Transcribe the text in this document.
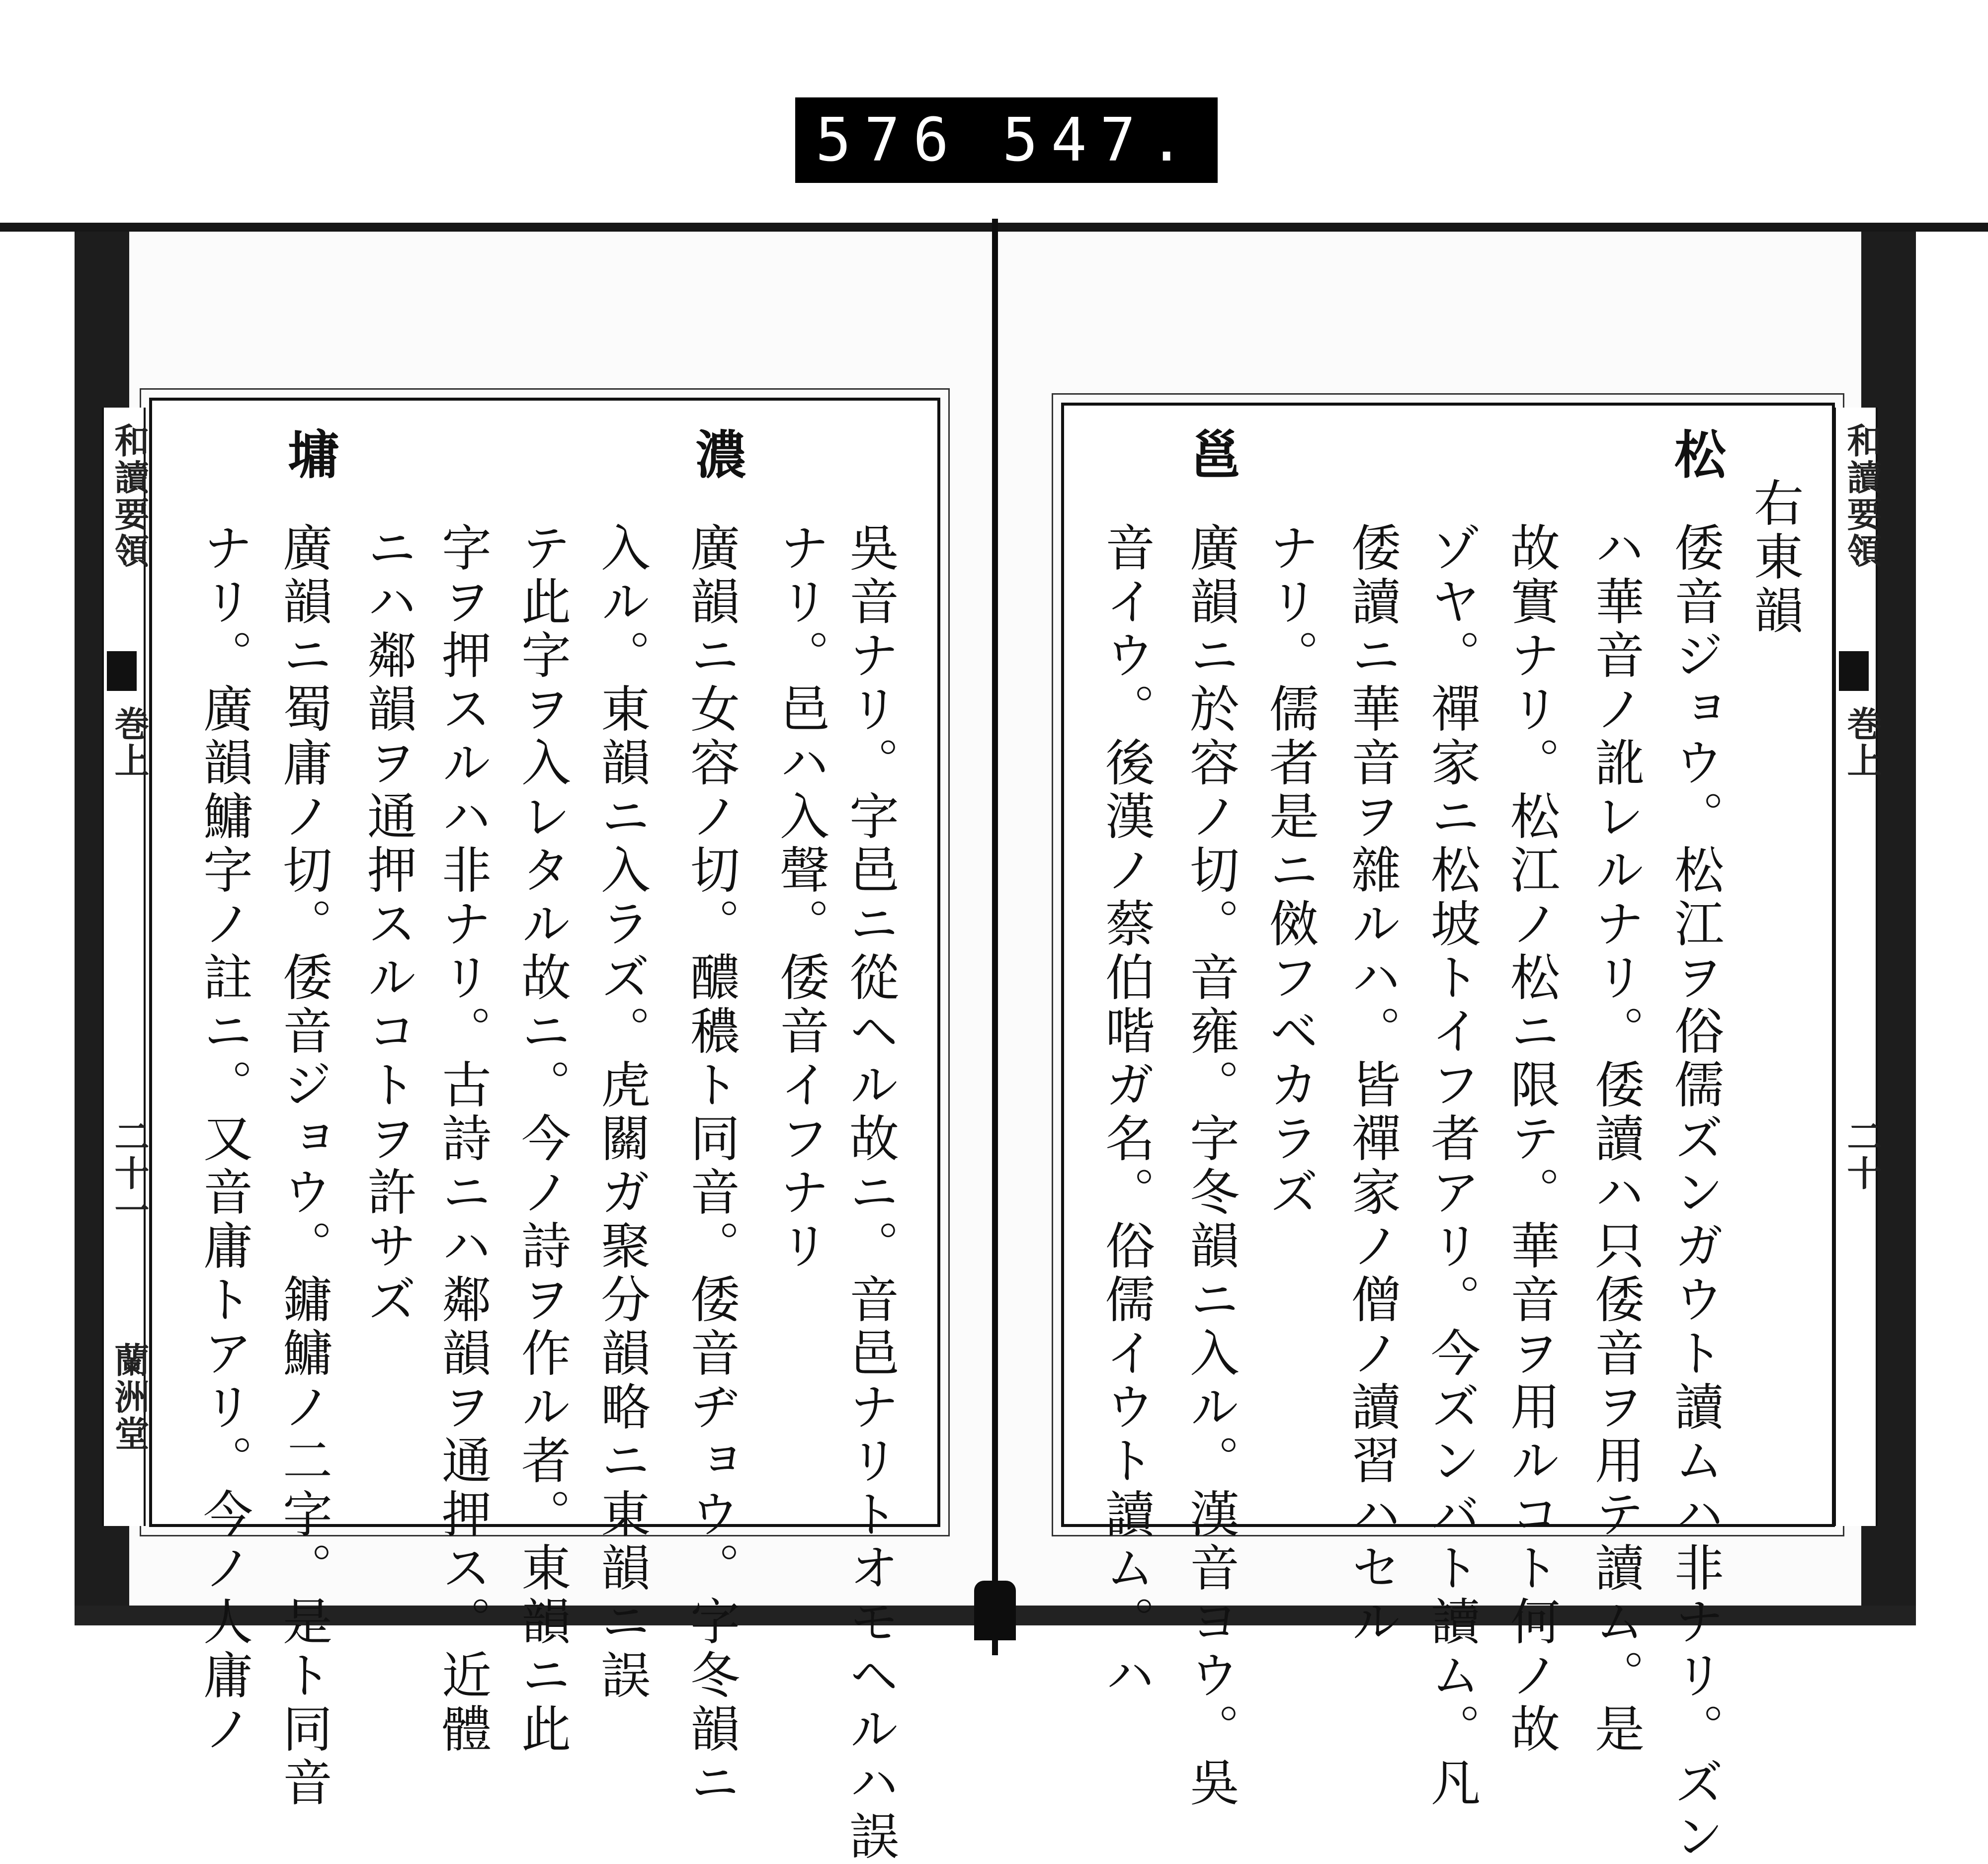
576 547.
和讀要領
巻上
二十一
蘭洲堂	吳音ナリ。字邑ニ從ヘル故ニ。音邑ナリトオモヘルハ誤
ナリ。邑ハ入聲。倭音イフナリ
濃
廣韻ニ女容ノ切。醲穠ト同音。倭音ヂョウ。字冬韻ニ
入ル。東韻ニ入ラズ。虎關ガ聚分韻略ニ東韻ニ誤
テ此字ヲ入レタル故ニ。今ノ詩ヲ作ル者。東韻ニ此
字ヲ押スルハ非ナリ。古詩ニハ鄰韻ヲ通押ス。近體
ニハ鄰韻ヲ通押スルコトヲ許サズ
墉
廣韻ニ蜀庸ノ切。倭音ジョウ。鏞鱅ノ二字。是ト同音
ナリ。廣韻鱅字ノ註ニ。又音庸トアリ。今ノ人庸ノ
和讀要領
巻上
二十
右東韻
松
倭音ジョウ。松江ヲ俗儒ズンガウト讀ムハ非ナリ。ズン
ハ華音ノ訛レルナリ。倭讀ハ只倭音ヲ用テ讀ム。是
故實ナリ。松江ノ松ニ限テ。華音ヲ用ルコト何ノ故
ゾヤ。禪家ニ松坡トイフ者アリ。今ズンバト讀ム。凡
倭讀ニ華音ヲ雜ルハ。皆禪家ノ僧ノ讀習ハセル
ナリ。儒者是ニ傚フベカラズ
邕
廣韻ニ於容ノ切。音雍。字冬韻ニ入ル。漢音ヨウ。吳
音イウ。後漢ノ蔡伯喈ガ名。俗儒イウト讀ム。ハ
